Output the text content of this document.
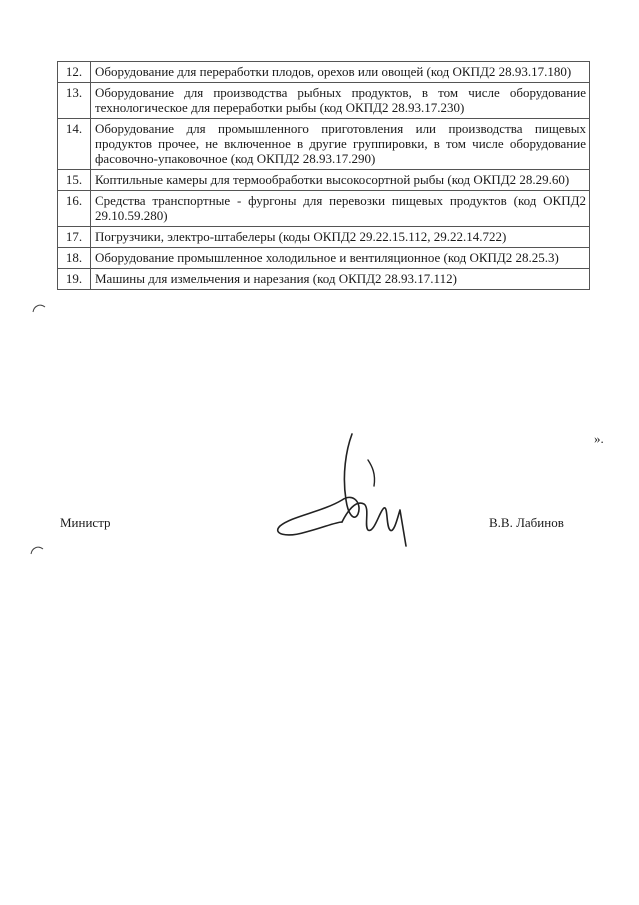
12.	Оборудование для переработки плодов, орехов или овощей (код ОКПД2 28.93.17.180)
13.	Оборудование для производства рыбных продуктов, в том числе оборудование технологическое для переработки рыбы (код ОКПД2 28.93.17.230)
14.	Оборудование для промышленного приготовления или производства пищевых продуктов прочее, не включенное в другие группировки, в том числе оборудование фасовочно-упаковочное (код ОКПД2 28.93.17.290)
15.	Коптильные камеры для термообработки высокосортной рыбы (код ОКПД2 28.29.60)
16.	Средства транспортные - фургоны для перевозки пищевых продуктов (код ОКПД2 29.10.59.280)
17.	Погрузчики, электро-штабелеры (коды ОКПД2 29.22.15.112, 29.22.14.722)
18.	Оборудование промышленное холодильное и вентиляционное (код ОКПД2 28.25.3)
19.	Машины для измельчения и нарезания (код ОКПД2 28.93.17.112)
».
Министр	В.В. Лабинов
